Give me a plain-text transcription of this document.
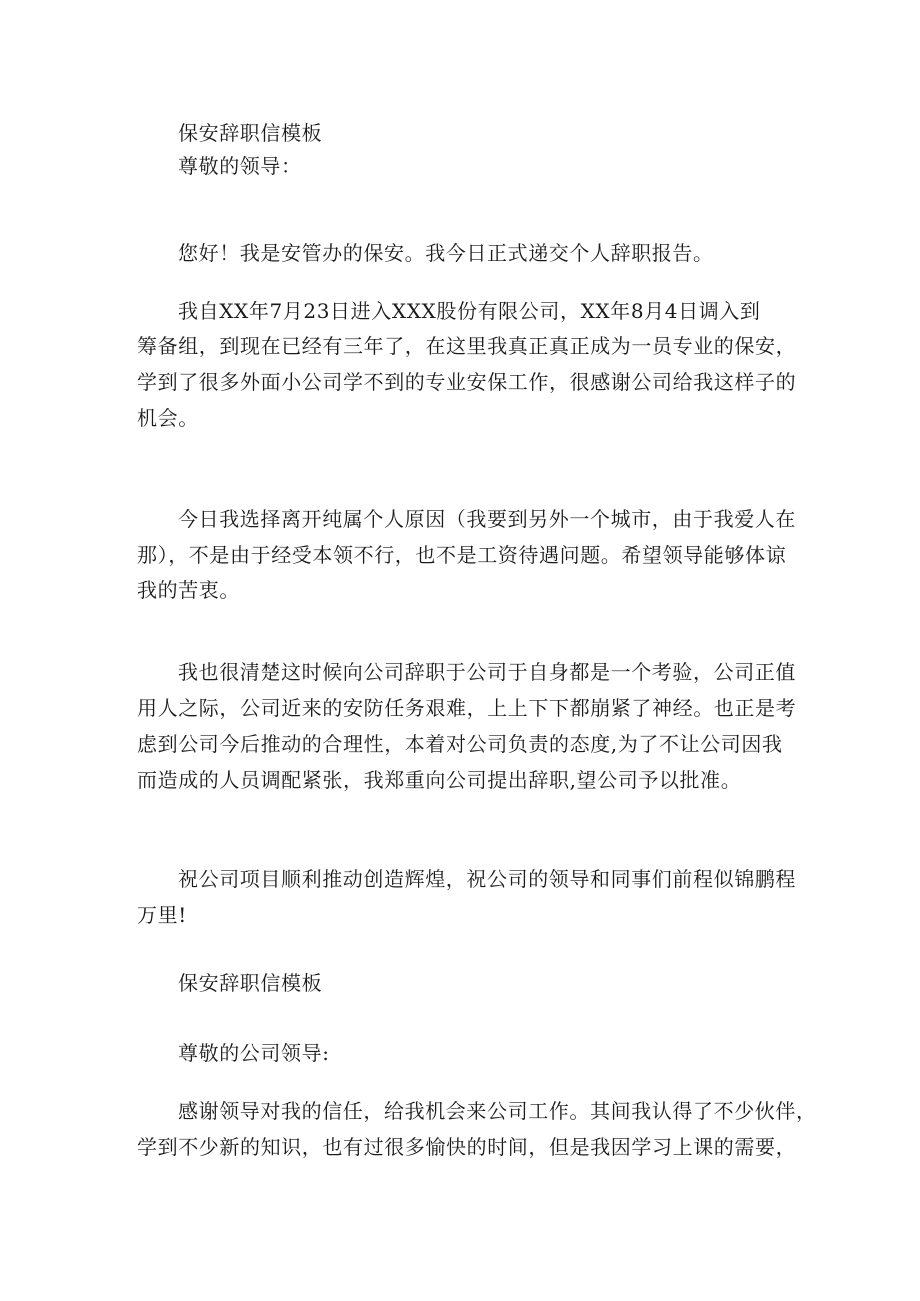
保安辞职信模板
尊敬的领导：
您好！我是安管办的保安。我今日正式递交个人辞职报告。
我自XX年7月23日进入XXX股份有限公司，XX年8月4日调入到
筹备组，到现在已经有三年了，在这里我真正真正成为一员专业的保安，
学到了很多外面小公司学不到的专业安保工作，很感谢公司给我这样子的
机会。
今日我选择离开纯属个人原因（我要到另外一个城市，由于我爱人在
那），不是由于经受本领不行，也不是工资待遇问题。希望领导能够体谅
我的苦衷。
我也很清楚这时候向公司辞职于公司于自身都是一个考验，公司正值
用人之际，公司近来的安防任务艰难，上上下下都崩紧了神经。也正是考
虑到公司今后推动的合理性，本着对公司负责的态度,为了不让公司因我
而造成的人员调配紧张，我郑重向公司提出辞职,望公司予以批准。
祝公司项目顺利推动创造辉煌，祝公司的领导和同事们前程似锦鹏程
万里!
保安辞职信模板
尊敬的公司领导:
感谢领导对我的信任，给我机会来公司工作。其间我认得了不少伙伴，
学到不少新的知识，也有过很多愉快的时间，但是我因学习上课的需要，
